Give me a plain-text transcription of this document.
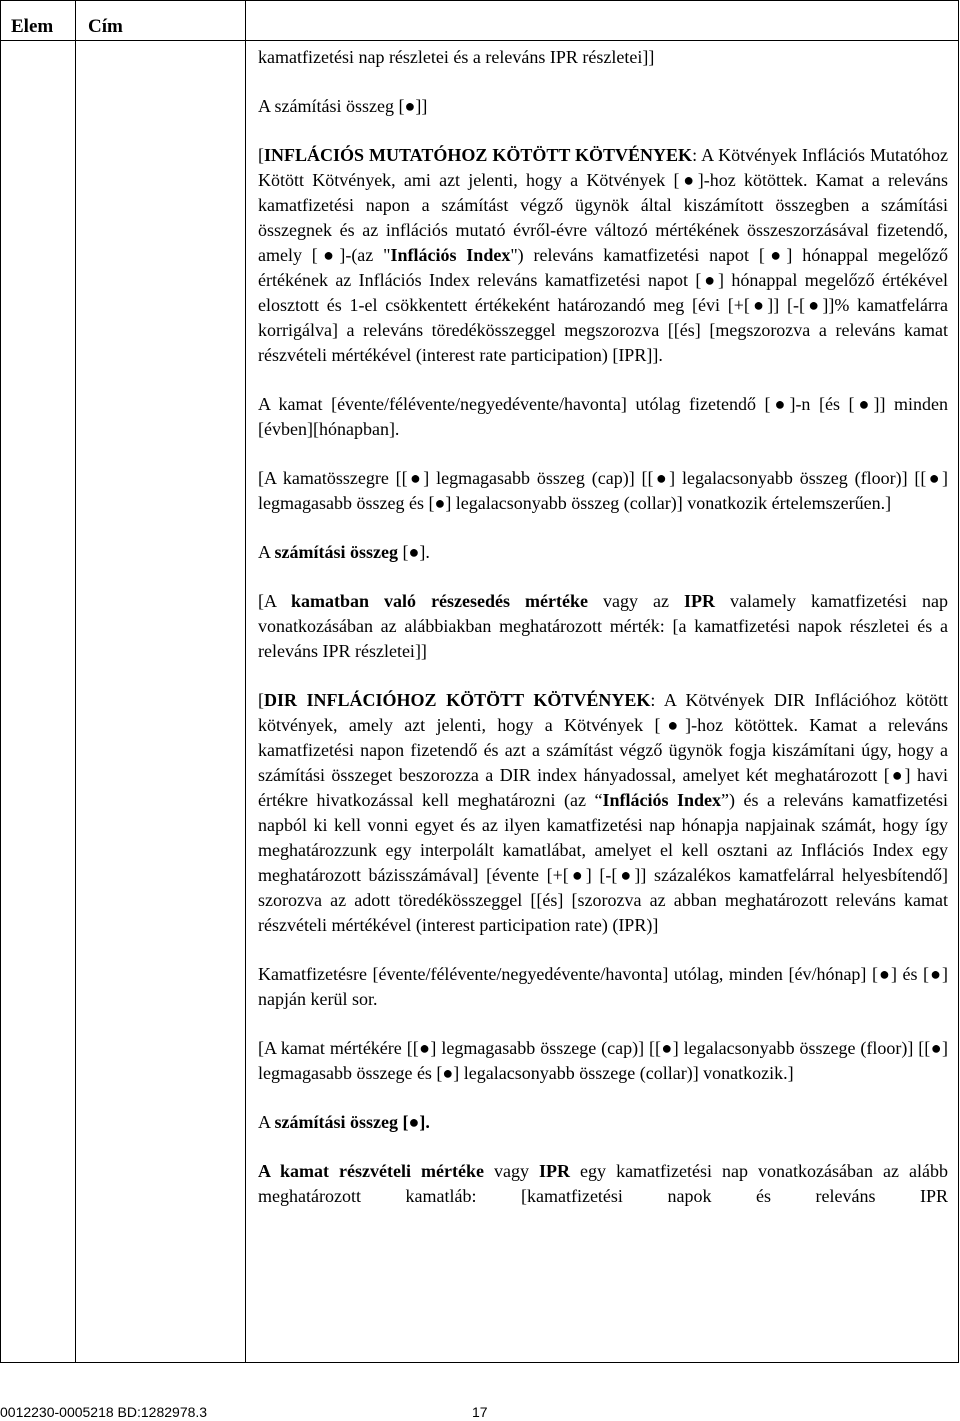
Elem	Cím

kamatfizetési nap részletei és a releváns IPR részletei]]

A számítási összeg [●]]

[INFLÁCIÓS MUTATÓHOZ KÖTÖTT KÖTVÉNYEK: A Kötvények Inflációs Mutatóhoz Kötött Kötvények, ami azt jelenti, hogy a Kötvények [●]-hoz kötöttek. Kamat a releváns kamatfizetési napon a számítást végző ügynök által kiszámított összegben a számítási összegnek és az inflációs mutató évről-évre változó mértékének összeszorzásával fizetendő, amely [●]-(az "Inflációs Index") releváns kamatfizetési napot [●] hónappal megelőző értékének az Inflációs Index releváns kamatfizetési napot [●] hónappal megelőző értékével elosztott és 1-el csökkentett értékeként határozandó meg [évi [+[●]] [-[●]]% kamatfelárra korrigálva] a releváns töredékösszeggel megszorozva [[és] [megszorozva a releváns kamat részvételi mértékével (interest rate participation) [IPR]].

A kamat [évente/félévente/negyedévente/havonta] utólag fizetendő [●]-n [és [●]] minden [évben][hónapban].

[A kamatösszegre [[●] legmagasabb összeg (cap)] [[●] legalacsonyabb összeg (floor)] [[●] legmagasabb összeg és [●] legalacsonyabb összeg (collar)] vonatkozik értelemszerűen.]

A számítási összeg [●].

[A kamatban való részesedés mértéke vagy az IPR valamely kamatfizetési nap vonatkozásában az alábbiakban meghatározott mérték: [a kamatfizetési napok részletei és a releváns IPR részletei]]

[DIR INFLÁCIÓHOZ KÖTÖTT KÖTVÉNYEK: A Kötvények DIR Inflációhoz kötött kötvények, amely azt jelenti, hogy a Kötvények [●]-hoz kötöttek. Kamat a releváns kamatfizetési napon fizetendő és azt a számítást végző ügynök fogja kiszámítani úgy, hogy a számítási összeget beszorozza a DIR index hányadossal, amelyet két meghatározott [●] havi értékre hivatkozással kell meghatározni (az “Inflációs Index”) és a releváns kamatfizetési napból ki kell vonni egyet és az ilyen kamatfizetési nap hónapja napjainak számát, hogy így meghatározzunk egy interpolált kamatlábat, amelyet el kell osztani az Inflációs Index egy meghatározott bázisszámával] [évente [+[●] [-[●]] százalékos kamatfelárral helyesbítendő] szorozva az adott töredékösszeggel [[és] [szorozva az abban meghatározott releváns kamat részvételi mértékével (interest participation rate) (IPR)]

Kamatfizetésre [évente/félévente/negyedévente/havonta] utólag, minden [év/hónap] [●] és [●] napján kerül sor.

[A kamat mértékére [[●] legmagasabb összege (cap)] [[●] legalacsonyabb összege (floor)] [[●] legmagasabb összege és [●] legalacsonyabb összege (collar)] vonatkozik.]

A számítási összeg [●].

A kamat részvételi mértéke vagy IPR egy kamatfizetési nap vonatkozásában az alább meghatározott kamatláb: [kamatfizetési napok és releváns IPR

0012230-0005218 BD:1282978.3	17
